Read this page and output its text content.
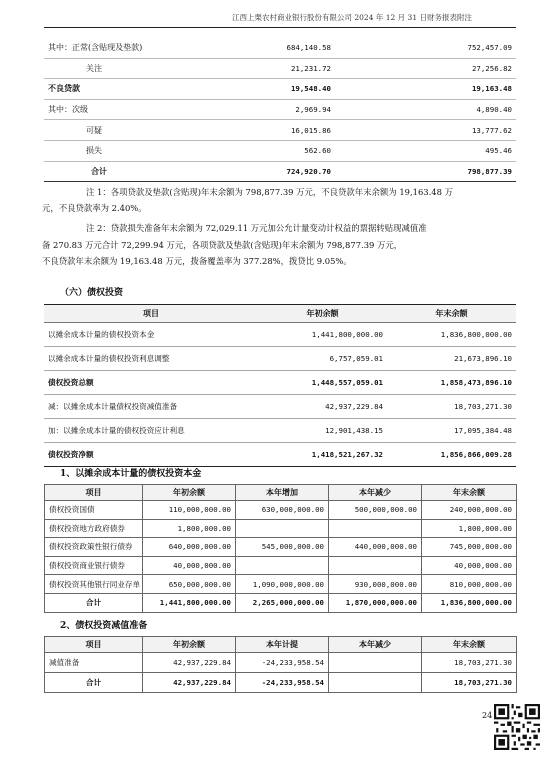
江西上栗农村商业银行股份有限公司 2024 年 12 月 31 日财务报表附注
其中：正常(含贴现及垫款)	684,140.58	752,457.09
关注	21,231.72	27,256.82
不良贷款	19,548.40	19,163.48
其中：次级	2,969.94	4,890.40
可疑	16,015.86	13,777.62
损失	562.60	495.46
合计	724,920.70	798,877.39

注 1：各项贷款及垫款(含贴现)年末余额为 798,877.39 万元，不良贷款年末余额为 19,163.48 万

元，不良贷款率为 2.40%。

注 2：贷款损失准备年末余额为 72,029.11 万元加公允计量变动计权益的票据转贴现减值准

备 270.83 万元合计 72,299.94 万元，各项贷款及垫款(含贴现)年末余额为 798,877.39 万元，

不良贷款年末余额为 19,163.48 万元，拨备覆盖率为 377.28%，拨贷比 9.05%。

（六）债权投资
项目	年初余额	年末余额
以摊余成本计量的债权投资本金	1,441,800,000.00	1,836,800,000.00
以摊余成本计量的债权投资利息调整	6,757,059.01	21,673,896.10
债权投资总额	1,448,557,059.01	1,858,473,896.10
减：以摊余成本计量债权投资减值准备	42,937,229.84	18,703,271.30
加：以摊余成本计量的债权投资应计利息	12,901,438.15	17,095,384.48
债权投资净额	1,418,521,267.32	1,856,866,009.28
1、以摊余成本计量的债权投资本金
项目	年初余额	本年增加	本年减少	年末余额
债权投资国债	110,000,000.00	630,000,000.00	500,000,000.00	240,000,000.00
债权投资地方政府债券	1,800,000.00			1,800,000.00
债权投资政策性银行债券	640,000,000.00	545,000,000.00	440,000,000.00	745,000,000.00
债权投资商业银行债券	40,000,000.00			40,000,000.00
债权投资其他银行同业存单	650,000,000.00	1,090,000,000.00	930,000,000.00	810,000,000.00
合计	1,441,800,000.00	2,265,000,000.00	1,870,000,000.00	1,836,800,000.00
2、债权投资减值准备
项目	年初余额	本年计提	本年减少	年末余额
减值准备	42,937,229.84	-24,233,958.54		18,703,271.30
合计	42,937,229.84	-24,233,958.54		18,703,271.30
24
